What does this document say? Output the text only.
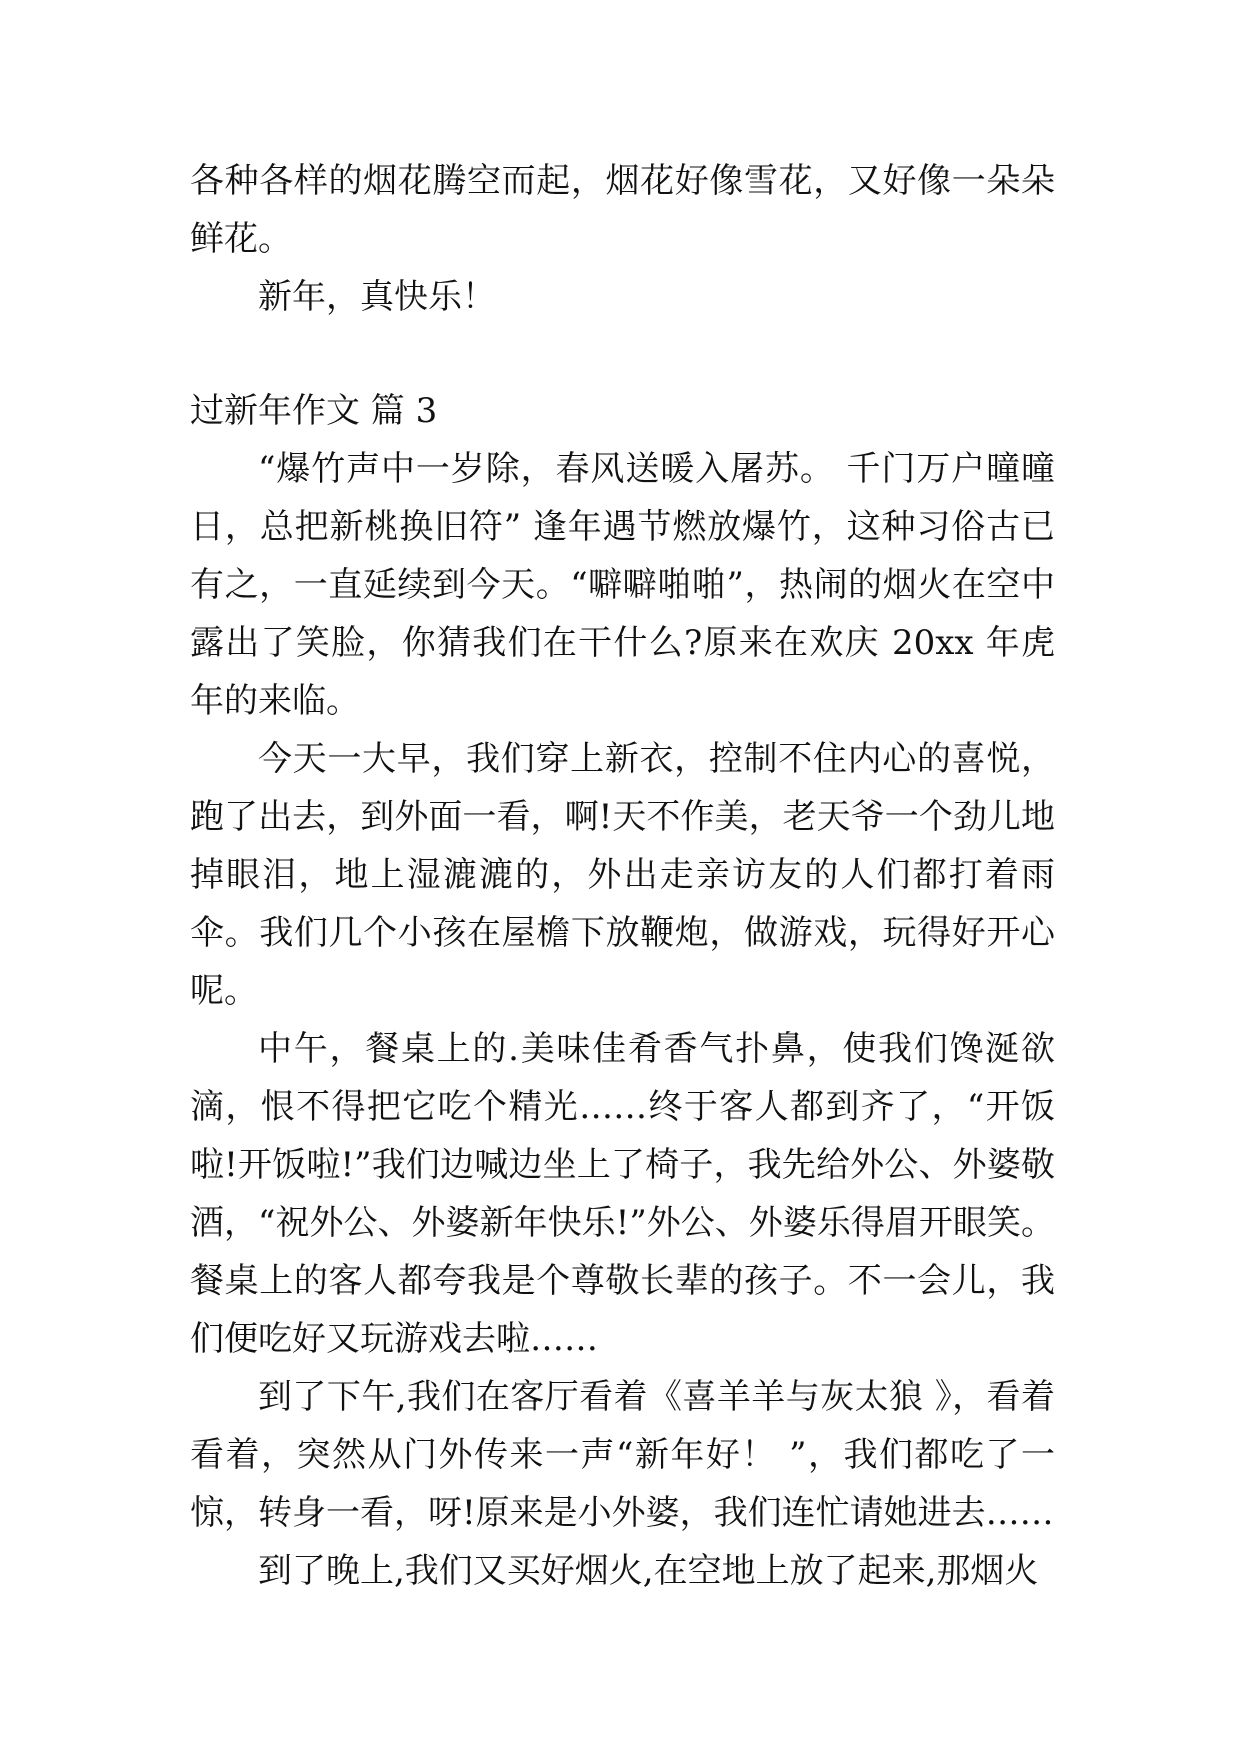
各种各样的烟花腾空而起，烟花好像雪花，又好像一朵朵鲜花。

新年，真快乐！

过新年作文 篇 3

“爆竹声中一岁除，春风送暖入屠苏。 千门万户曈曈日，总把新桃换旧符” 逢年遇节燃放爆竹，这种习俗古已有之，一直延续到今天。“噼噼啪啪”，热闹的烟火在空中露出了笑脸，你猜我们在干什么?原来在欢庆 20xx 年虎年的来临。

今天一大早，我们穿上新衣，控制不住内心的喜悦，跑了出去，到外面一看，啊!天不作美，老天爷一个劲儿地掉眼泪，地上湿漉漉的，外出走亲访友的人们都打着雨伞。我们几个小孩在屋檐下放鞭炮，做游戏，玩得好开心呢。

中午，餐桌上的.美味佳肴香气扑鼻，使我们馋涎欲滴，恨不得把它吃个精光……终于客人都到齐了，“开饭啦!开饭啦!”我们边喊边坐上了椅子，我先给外公、外婆敬酒，“祝外公、外婆新年快乐!”外公、外婆乐得眉开眼笑。餐桌上的客人都夸我是个尊敬长辈的孩子。不一会儿，我们便吃好又玩游戏去啦……

到了下午,我们在客厅看着《喜羊羊与灰太狼 》，看着看着，突然从门外传来一声“新年好！ ”，我们都吃了一惊，转身一看，呀!原来是小外婆，我们连忙请她进去……

到了晚上,我们又买好烟火,在空地上放了起来,那烟火
